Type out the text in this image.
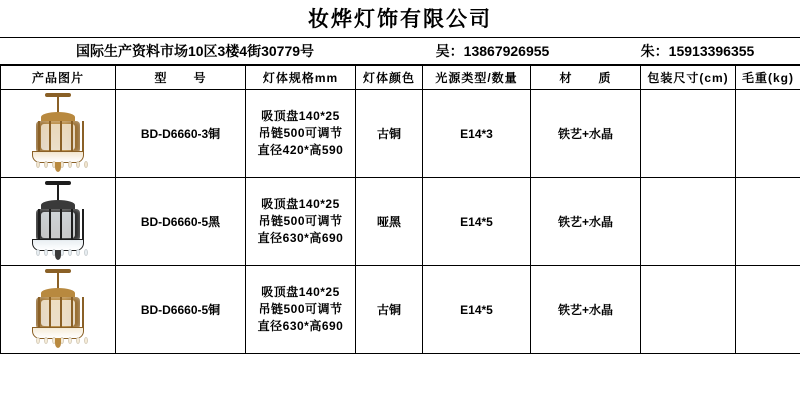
妆烨灯饰有限公司
国际生产资料市场10区3楼4街30779号	吴：13867926955	朱：15913396355
产品图片	型　　号	灯体规格mm	灯体颜色	光源类型/数量	材　　质	包装尺寸(cm)	毛重(kg)

	BD-D6660-3铜	吸顶盘140*25
吊链500可调节
直径420*高590	古铜	E14*3	铁艺+水晶		

	BD-D6660-5黑	吸顶盘140*25
吊链500可调节
直径630*高690	哑黑	E14*5	铁艺+水晶		

	BD-D6660-5铜	吸顶盘140*25
吊链500可调节
直径630*高690	古铜	E14*5	铁艺+水晶		
